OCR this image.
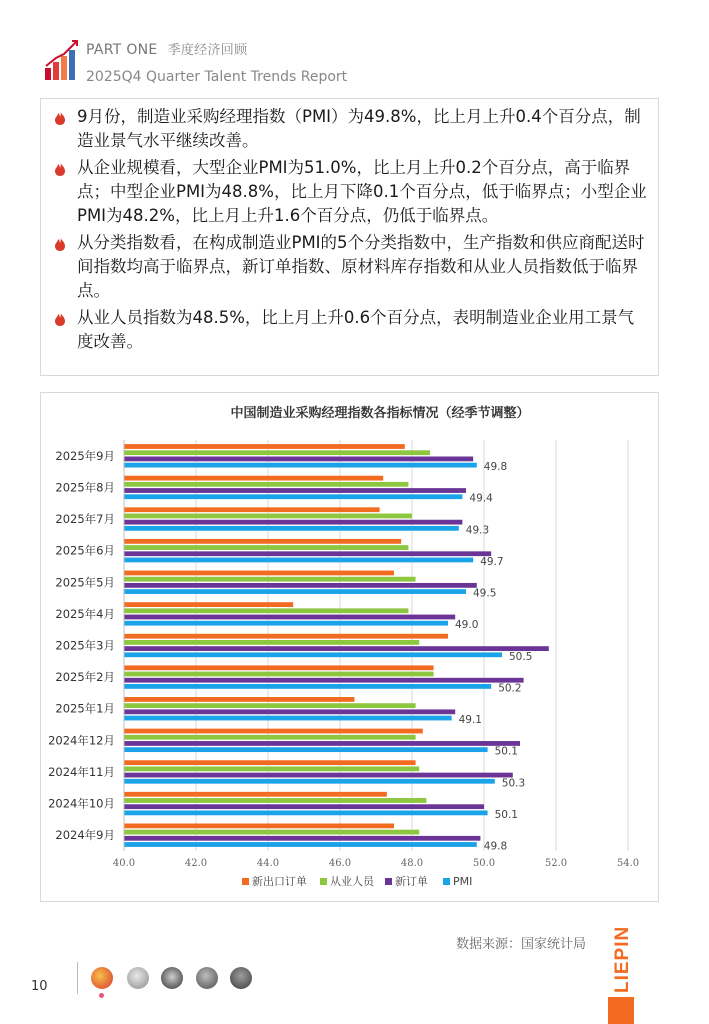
PART ONE 季度经济回顾
2025Q4 Quarter Talent Trends Report
9月份，制造业采购经理指数（PMI）为49.8%，比上月上升0.4个百分点，制造业景气水平继续改善。
从企业规模看，大型企业PMI为51.0%，比上月上升0.2个百分点，高于临界点；中型企业PMI为48.8%，比上月下降0.1个百分点，低于临界点；小型企业PMI为48.2%，比上月上升1.6个百分点，仍低于临界点。
从分类指数看，在构成制造业PMI的5个分类指数中，生产指数和供应商配送时间指数均高于临界点，新订单指数、原材料库存指数和从业人员指数低于临界点。
从业人员指数为48.5%，比上月上升0.6个百分点，表明制造业企业用工景气度改善。
中国制造业采购经理指数各指标情况（经季节调整）
40.0	42.0	44.0	46.0	48.0	50.0	52.0	54.0
2025年9月
49.8
2025年8月
49.4
2025年7月
49.3
2025年6月
49.7
2025年5月
49.5
2025年4月
49.0
2025年3月
50.5
2025年2月
50.2
2025年1月
49.1
2024年12月
50.1
2024年11月
50.3
2024年10月
50.1
2024年9月
49.8
新出口订单 从业人员 新订单 PMI
数据来源：国家统计局 LIEPIN
10
